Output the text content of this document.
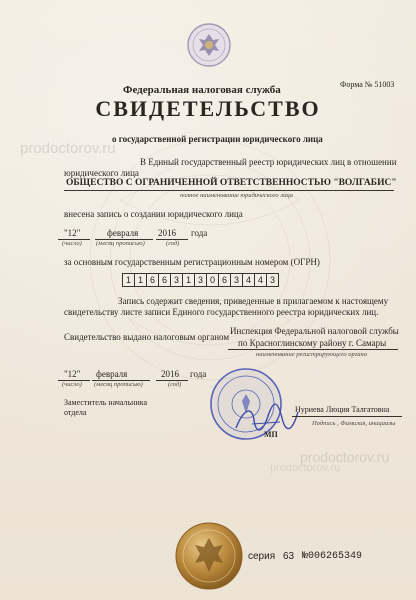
Форма № 51003
Федеральная налоговая служба
СВИДЕТЕЛЬСТВО
о государственной регистрации юридического лица
prodoctorov.ru
В Единый государственный реестр юридических лиц в отношении
юридического лица
ОБЩЕСТВО С ОГРАНИЧЕННОЙ ОТВЕТСТВЕННОСТЬЮ "ВОЛГАБИС"
полное наименование юридического лица
внесена запись о создании юридического лица
"12"	февраля 2016 года
(число) (месяц прописью)	(год)
за основным государственным регистрационным номером (ОГРН)
1 1 6 6 3 1 3 0 6 3 4 4 3
Запись содержит сведения, приведенные в прилагаемом к настоящему
свидетельству листе записи Единого государственного реестра юридических лиц.
Свидетельство выдано налоговым органом
Инспекция Федеральной налоговой службы
по Красноглинскому району г. Самары
наименование регистрирующего органа
"12" февраля	2016 года
(число) (месяц прописью)	(год)
Заместитель начальника
отдела
МП
Нуриева Люция Талгатовна
Подпись , Фамилия, инициалы
prodoctorov.ru
prodoctorov.ru
серия 63 №006265349
